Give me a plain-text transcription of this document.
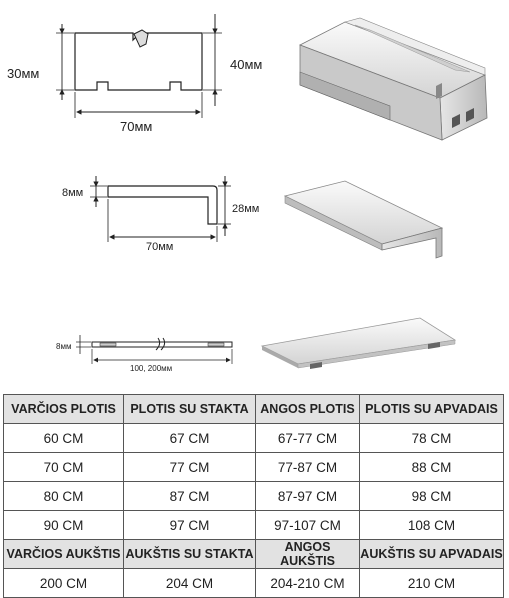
30мм
40мм
70мм
8мм
28мм
70мм
8мм
100, 200мм
VARČIOS PLOTIS	PLOTIS SU STAKTA	ANGOS PLOTIS	PLOTIS SU APVADAIS
60 CM	67 CM	67-77 CM	78 CM
70 CM	77 CM	77-87 CM	88 CM
80 CM	87 CM	87-97 CM	98 CM
90 CM	97 CM	97-107 CM	108 CM
VARČIOS AUKŠTIS	AUKŠTIS SU STAKTA	ANGOS AUKŠTIS	AUKŠTIS SU APVADAIS
200 CM	204 CM	204-210 CM	210 CM
